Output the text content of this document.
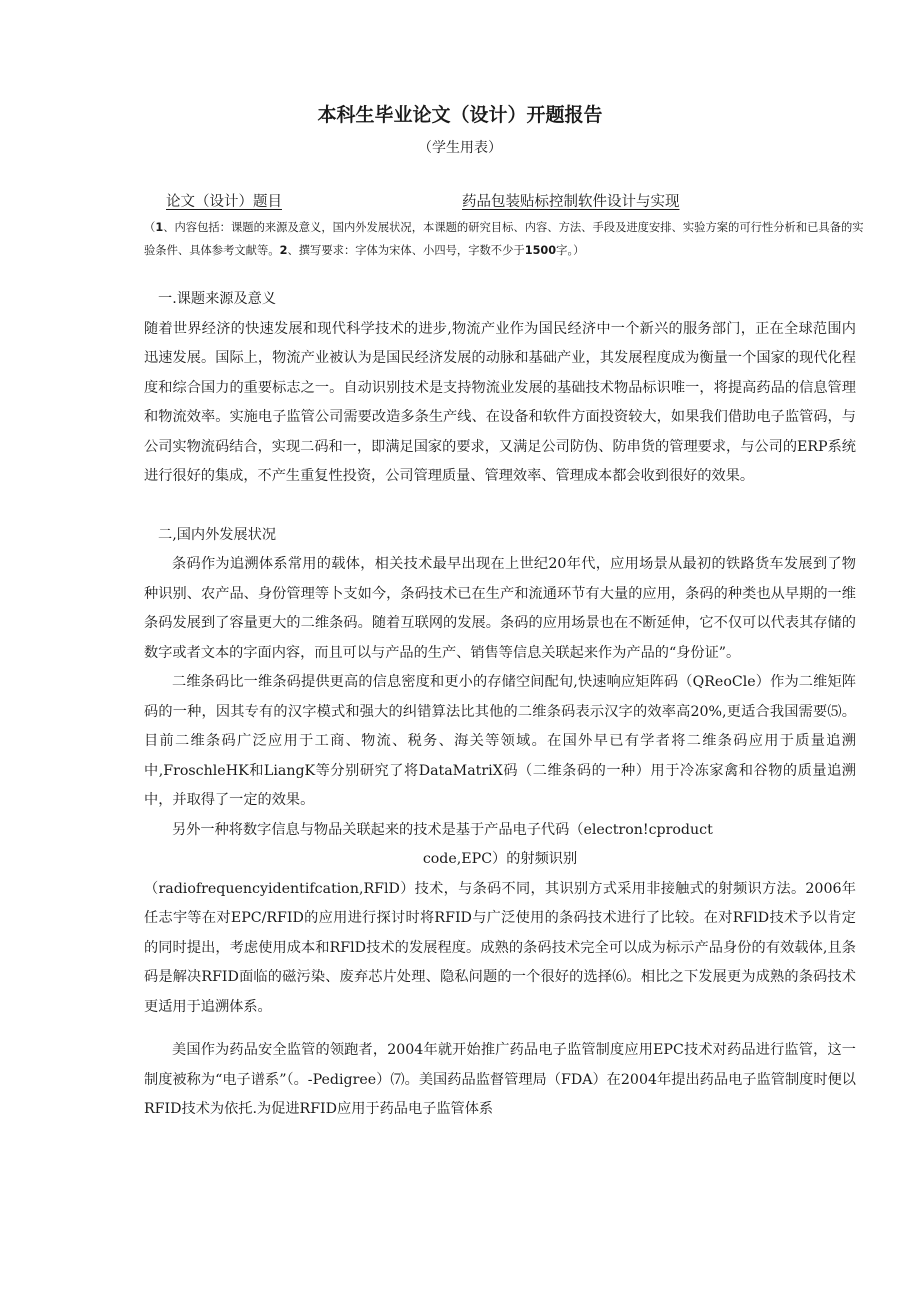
本科生毕业论文（设计）开题报告

（学生用表）

论文（设计）题目	药品包装贴标控制软件设计与实现

（1、内容包括：课题的来源及意义，国内外发展状况，本课题的研究目标、内容、方法、手段及进度安排、实验方案的可行性分析和已具备的实验条件、具体参考文献等。2、撰写要求：字体为宋体、小四号，字数不少于1500字。）

一.课题来源及意义

随着世界经济的快速发展和现代科学技术的进步,物流产业作为国民经济中一个新兴的服务部门，正在全球范围内迅速发展。国际上，物流产业被认为是国民经济发展的动脉和基础产业，其发展程度成为衡量一个国家的现代化程度和综合国力的重要标志之一。自动识别技术是支持物流业发展的基础技术物品标识唯一，将提高药品的信息管理和物流效率。实施电子监管公司需要改造多条生产线、在设备和软件方面投资较大，如果我们借助电子监管码，与公司实物流码结合，实现二码和一，即满足国家的要求，又满足公司防伪、防串货的管理要求，与公司的ERP系统进行很好的集成，不产生重复性投资，公司管理质量、管理效率、管理成本都会收到很好的效果。

二,国内外发展状况

条码作为追溯体系常用的载体，相关技术最早出现在上世纪20年代，应用场景从最初的铁路货车发展到了物种识别、农产品、身份管理等卜支如今，条码技术已在生产和流通环节有大量的应用，条码的种类也从早期的一维条码发展到了容量更大的二维条码。随着互联网的发展。条码的应用场景也在不断延伸，它不仅可以代表其存储的数字或者文本的字面内容，而且可以与产品的生产、销售等信息关联起来作为产品的“身份证”。

二维条码比一维条码提供更高的信息密度和更小的存储空间配旬,快速响应矩阵码（QReoCle）作为二维矩阵码的一种，因其专有的汉字模式和强大的纠错算法比其他的二维条码表示汉字的效率高20%,更适合我国需要⑸。目前二维条码广泛应用于工商、物流、税务、海关等领域。在国外早已有学者将二维条码应用于质量追溯中,FroschleHK和LiangK等分别研究了将DataMatriX码（二维条码的一种）用于冷冻家禽和谷物的质量追溯中，并取得了一定的效果。

另外一种将数字信息与物品关联起来的技术是基于产品电子代码（electron!cproduct

code,EPC）的射频识别

（radiofrequencyidentifcation,RFlD）技术，与条码不同，其识别方式采用非接触式的射频识方法。2006年任志宇等在对EPC/RFID的应用进行探讨时将RFID与广泛使用的条码技术进行了比较。在对RFlD技术予以肯定的同时提出，考虑使用成本和RFlD技术的发展程度。成熟的条码技术完全可以成为标示产品身份的有效载体,且条码是解决RFID面临的磁污染、废弃芯片处理、隐私问题的一个很好的选择⑹。相比之下发展更为成熟的条码技术更适用于追溯体系。

美国作为药品安全监管的领跑者，2004年就开始推广药品电子监管制度应用EPC技术对药品进行监管，这一制度被称为“电子谱系”（。-Pedigree）⑺。美国药品监督管理局（FDA）在2004年提出药品电子监管制度时便以RFID技术为依托.为促进RFID应用于药品电子监管体系
